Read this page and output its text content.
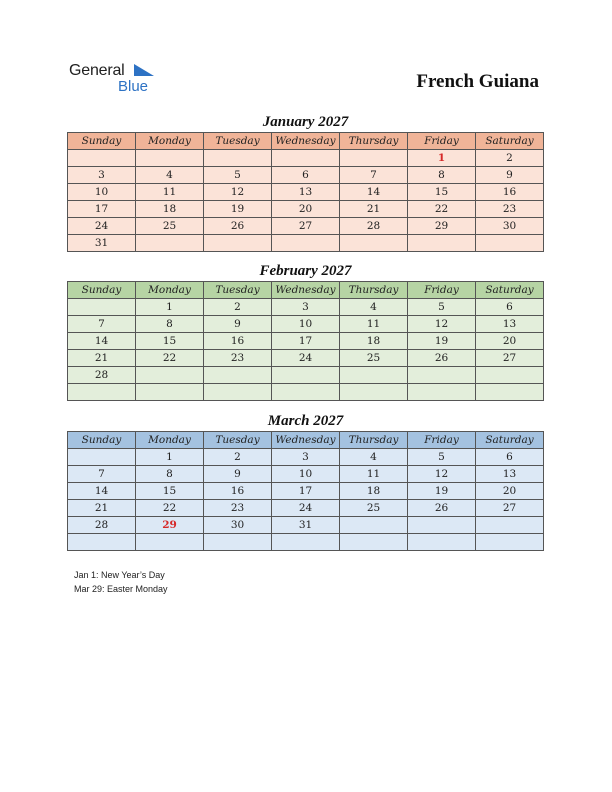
General
Blue	French Guiana
January 2027
Sunday	Monday	Tuesday	Wednesday	Thursday	Friday	Saturday
					1	2
3	4	5	6	7	8	9
10	11	12	13	14	15	16
17	18	19	20	21	22	23
24	25	26	27	28	29	30
31						
February 2027
Sunday	Monday	Tuesday	Wednesday	Thursday	Friday	Saturday
	1	2	3	4	5	6
7	8	9	10	11	12	13
14	15	16	17	18	19	20
21	22	23	24	25	26	27
28						

March 2027
Sunday	Monday	Tuesday	Wednesday	Thursday	Friday	Saturday
	1	2	3	4	5	6
7	8	9	10	11	12	13
14	15	16	17	18	19	20
21	22	23	24	25	26	27
28	29	30	31			

Jan 1: New Year’s Day
Mar 29: Easter Monday
